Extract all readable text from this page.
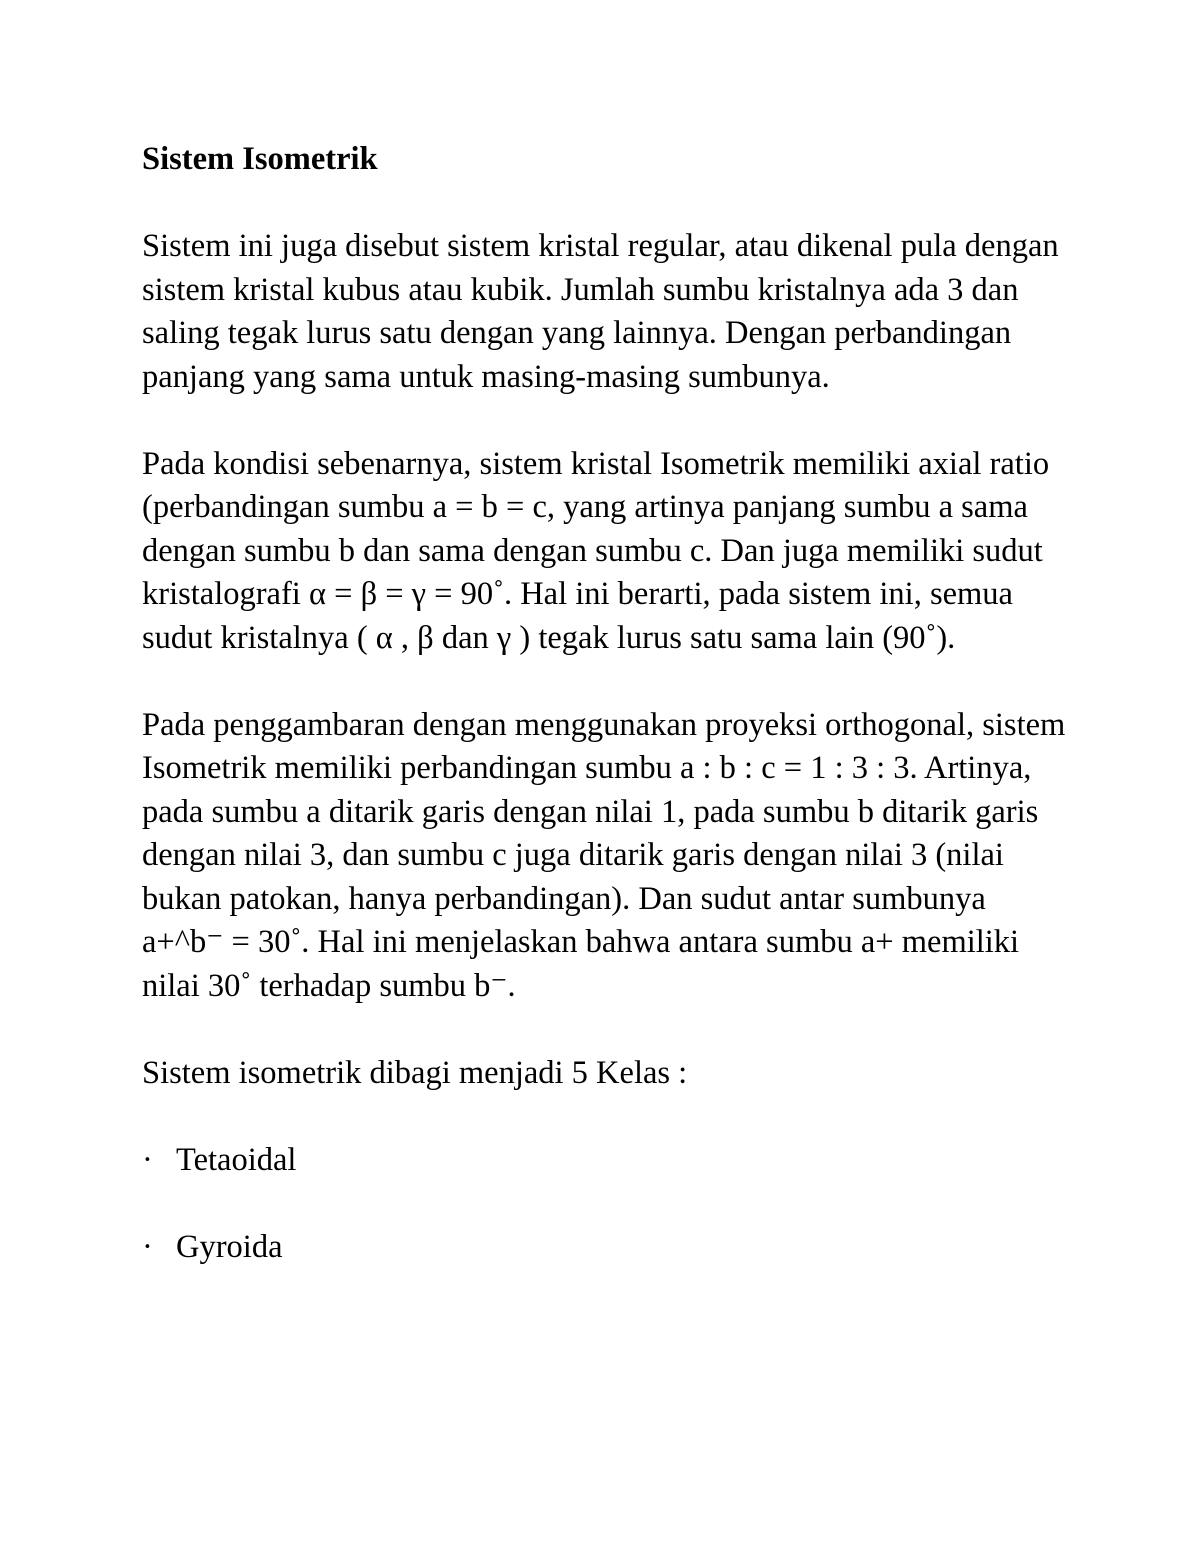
Sistem Isometrik

Sistem ini juga disebut sistem kristal regular, atau dikenal pula dengan sistem kristal kubus atau kubik. Jumlah sumbu kristalnya ada 3 dan saling tegak lurus satu dengan yang lainnya. Dengan perbandingan panjang yang sama untuk masing-masing sumbunya.

Pada kondisi sebenarnya, sistem kristal Isometrik memiliki axial ratio (perbandingan sumbu a = b = c, yang artinya panjang sumbu a sama dengan sumbu b dan sama dengan sumbu c. Dan juga memiliki sudut kristalografi α = β = γ = 90˚. Hal ini berarti, pada sistem ini, semua sudut kristalnya ( α , β dan γ ) tegak lurus satu sama lain (90˚).

Pada penggambaran dengan menggunakan proyeksi orthogonal, sistem Isometrik memiliki perbandingan sumbu a : b : c = 1 : 3 : 3. Artinya, pada sumbu a ditarik garis dengan nilai 1, pada sumbu b ditarik garis dengan nilai 3, dan sumbu c juga ditarik garis dengan nilai 3 (nilai bukan patokan, hanya perbandingan). Dan sudut antar sumbunya a+^b⁻ = 30˚. Hal ini menjelaskan bahwa antara sumbu a+ memiliki nilai 30˚ terhadap sumbu b⁻.

Sistem isometrik dibagi menjadi 5 Kelas :

· Tetaoidal
· Gyroida
